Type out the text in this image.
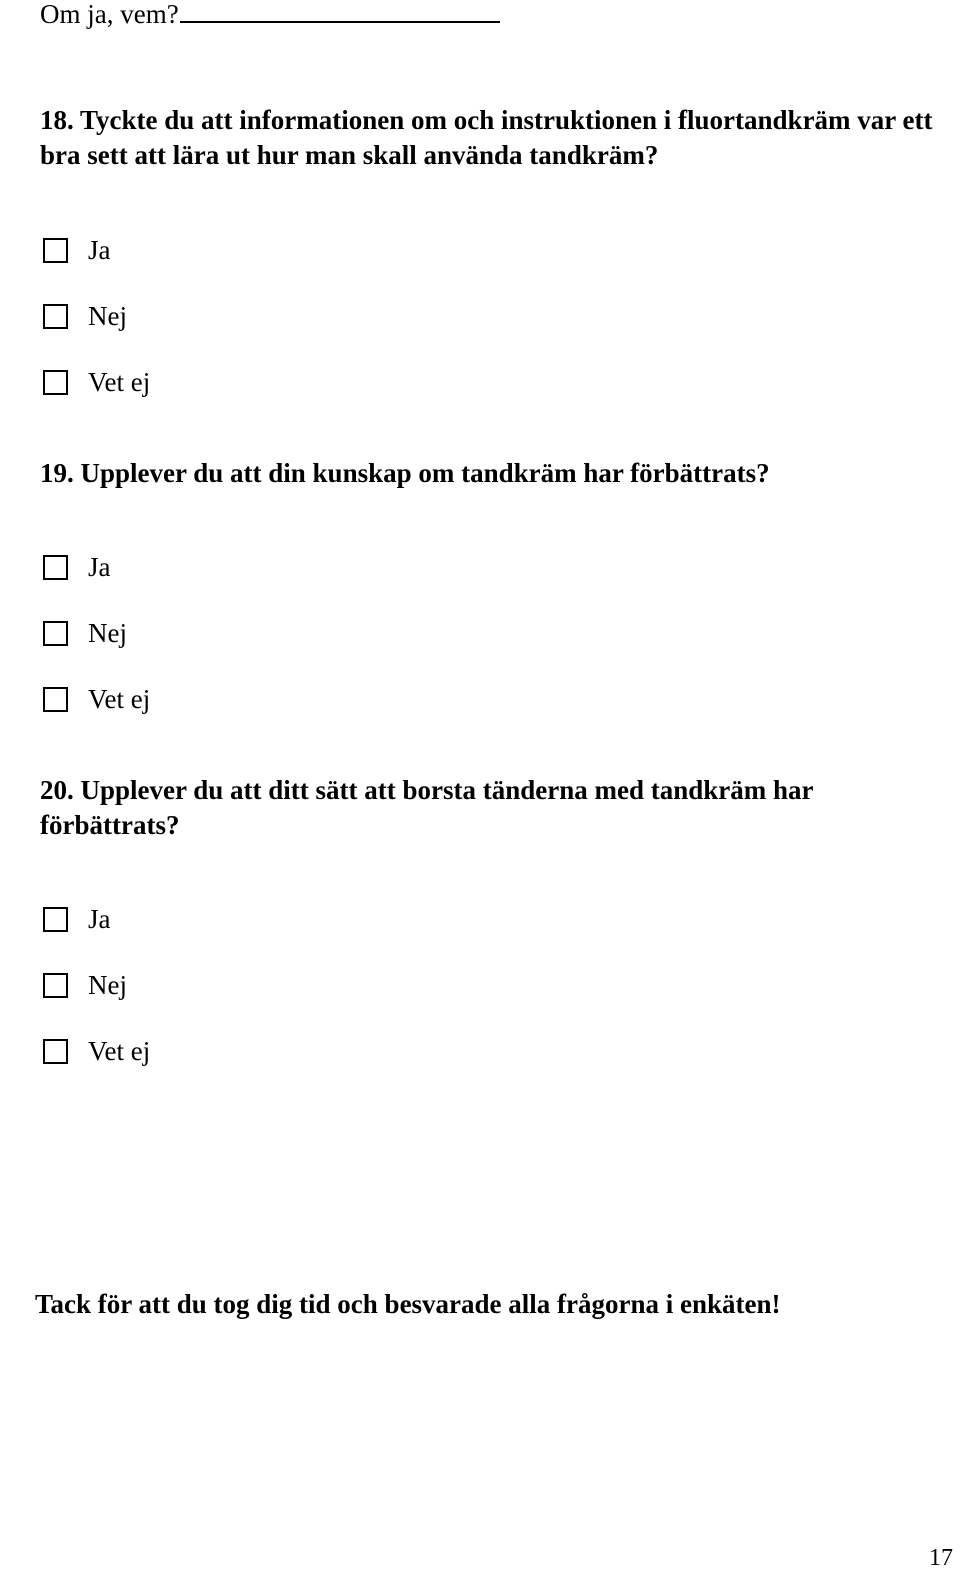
Om ja, vem?
18. Tyckte du att informationen om och instruktionen i fluortandkräm var ett bra sett att lära ut hur man skall använda tandkräm?
Ja
Nej
Vet ej
19. Upplever du att din kunskap om tandkräm har förbättrats?
Ja
Nej
Vet ej
20. Upplever du att ditt sätt att borsta tänderna med tandkräm har förbättrats?
Ja
Nej
Vet ej
Tack för att du tog dig tid och besvarade alla frågorna i enkäten!
17
